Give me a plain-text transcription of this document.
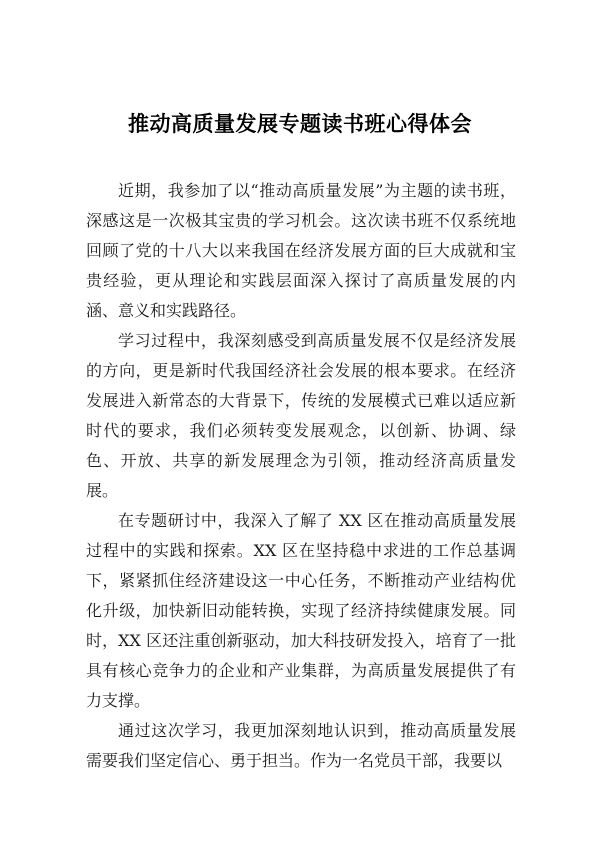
推动高质量发展专题读书班心得体会

近期，我参加了以“推动高质量发展”为主题的读书班，深感这是一次极其宝贵的学习机会。这次读书班不仅系统地回顾了党的十八大以来我国在经济发展方面的巨大成就和宝贵经验，更从理论和实践层面深入探讨了高质量发展的内涵、意义和实践路径。

学习过程中，我深刻感受到高质量发展不仅是经济发展的方向，更是新时代我国经济社会发展的根本要求。在经济发展进入新常态的大背景下，传统的发展模式已难以适应新时代的要求，我们必须转变发展观念，以创新、协调、绿色、开放、共享的新发展理念为引领，推动经济高质量发展。

在专题研讨中，我深入了解了 XX 区在推动高质量发展过程中的实践和探索。XX 区在坚持稳中求进的工作总基调下，紧紧抓住经济建设这一中心任务，不断推动产业结构优化升级，加快新旧动能转换，实现了经济持续健康发展。同时，XX 区还注重创新驱动，加大科技研发投入，培育了一批具有核心竞争力的企业和产业集群，为高质量发展提供了有力支撑。

通过这次学习，我更加深刻地认识到，推动高质量发展需要我们坚定信心、勇于担当。作为一名党员干部，我要以
